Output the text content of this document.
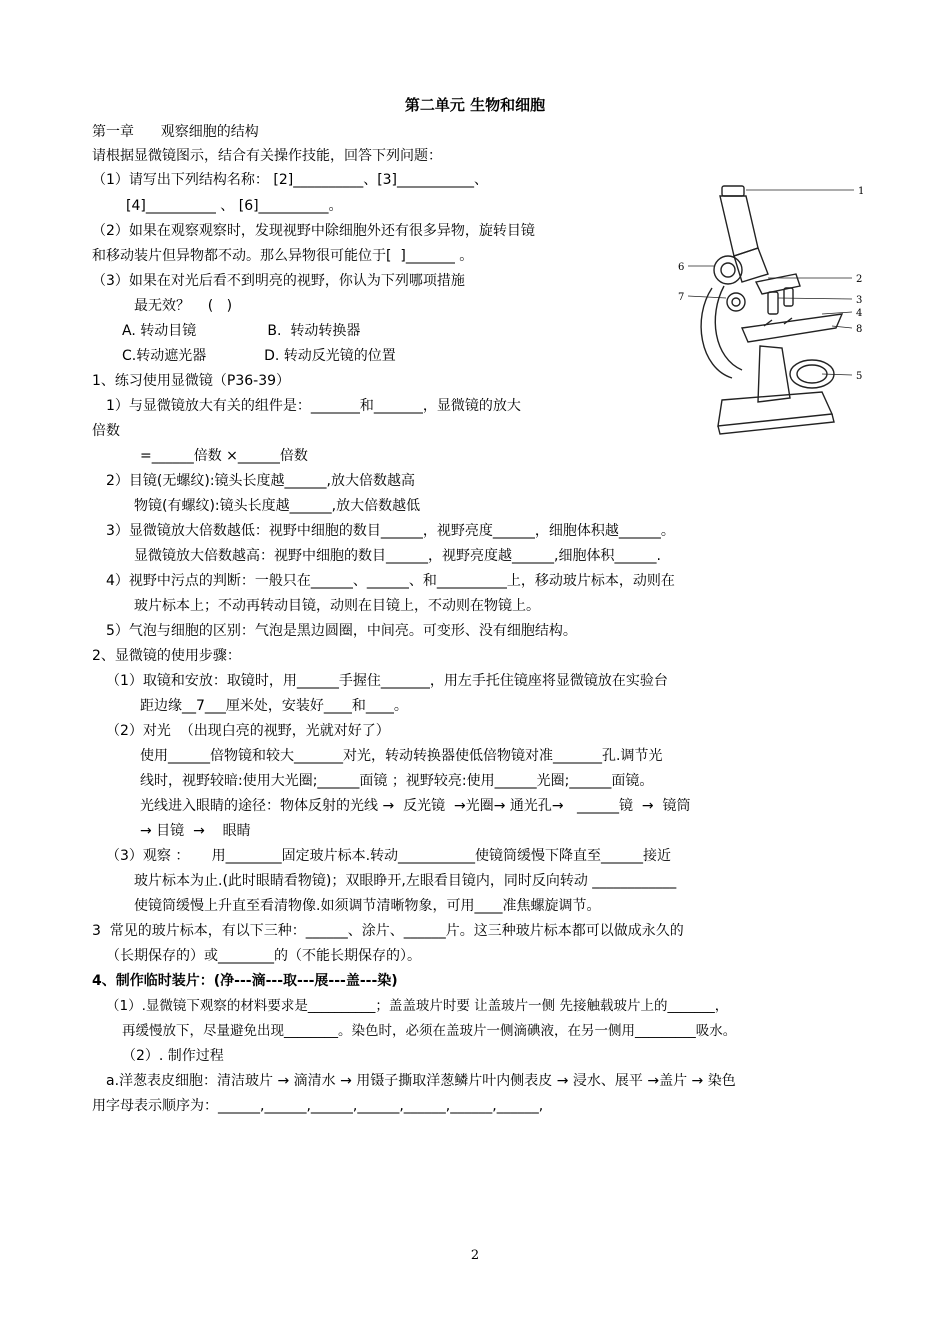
第二单元 生物和细胞
第一章      观察细胞的结构
请根据显微镜图示，结合有关操作技能，回答下列问题：
（1）请写出下列结构名称： [2]__________、[3]___________、
[4]__________ 、 [6]__________。
（2）如果在观察观察时，发现视野中除细胞外还有很多异物，旋转目镜
和移动装片但异物都不动。那么异物很可能位于[  ]_______ 。
（3）如果在对光后看不到明亮的视野，你认为下列哪项措施
最无效？    (   )
A. 转动目镜                B.  转动转换器
C.转动遮光器             D. 转动反光镜的位置
1、练习使用显微镜（P36-39）
1）与显微镜放大有关的组件是：_______和_______，显微镜的放大
倍数
=______倍数 ×______倍数
2）目镜(无螺纹):镜头长度越______,放大倍数越高
物镜(有螺纹):镜头长度越______,放大倍数越低
3）显微镜放大倍数越低：视野中细胞的数目______，视野亮度______，细胞体积越______。
显微镜放大倍数越高：视野中细胞的数目______，视野亮度越______,细胞体积______.
4）视野中污点的判断：一般只在______、______、和__________上，移动玻片标本，动则在
玻片标本上；不动再转动目镜，动则在目镜上，不动则在物镜上。
5）气泡与细胞的区别：气泡是黑边圆圈，中间亮。可变形、没有细胞结构。
2、显微镜的使用步骤：
（1）取镜和安放：取镜时，用______手握住_______，用左手托住镜座将显微镜放在实验台
距边缘__7___厘米处，安装好____和____。
（2）对光  （出现白亮的视野，光就对好了）
使用______倍物镜和较大_______对光，转动转换器使低倍物镜对准_______孔.调节光
线时，视野较暗:使用大光圈;______面镜 ；视野较亮:使用______光圈;______面镜。
光线进入眼睛的途径：物体反射的光线 →  反光镜  →光圈→ 通光孔→   ______镜  →  镜筒
→ 目镜  →    眼睛
（3）观察 ：     用________固定玻片标本.转动___________使镜筒缓慢下降直至______接近
玻片标本为止.(此时眼睛看物镜)；双眼睁开,左眼看目镜内，同时反向转动 ____________
使镜筒缓慢上升直至看清物像.如须调节清晰物象，可用____准焦螺旋调节。
3  常见的玻片标本，有以下三种：______、涂片、______片。这三种玻片标本都可以做成永久的
（长期保存的）或________的（不能长期保存的）。
4、制作临时装片：(净---滴---取---展---盖---染)
（1）.显微镜下观察的材料要求是__________；盖盖玻片时要 让盖玻片一侧 先接触载玻片上的_______，
再缓慢放下，尽量避免出现________。染色时，必须在盖玻片一侧滴碘液，在另一侧用_________吸水。
（2）. 制作过程
a.洋葱表皮细胞：清洁玻片 → 滴清水 → 用镊子撕取洋葱鳞片叶内侧表皮 → 浸水、展平 →盖片 → 染色
用字母表示顺序为：______,______,______,______,______,______,______,
1
2
3
4
5
6
7
8
2
